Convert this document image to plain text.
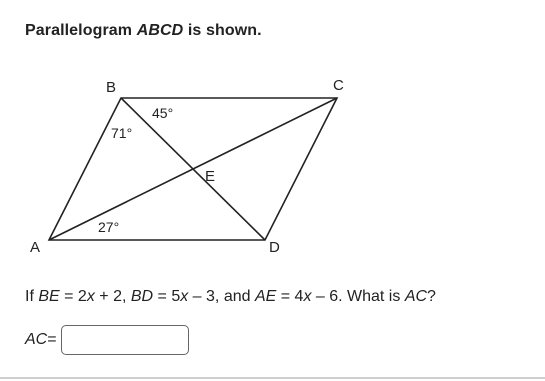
Parallelogram ABCD is shown.
B	C
A	D
E
45°
71°
27°
If BE = 2x + 2, BD = 5x – 3, and AE = 4x – 6. What is AC?
AC =
